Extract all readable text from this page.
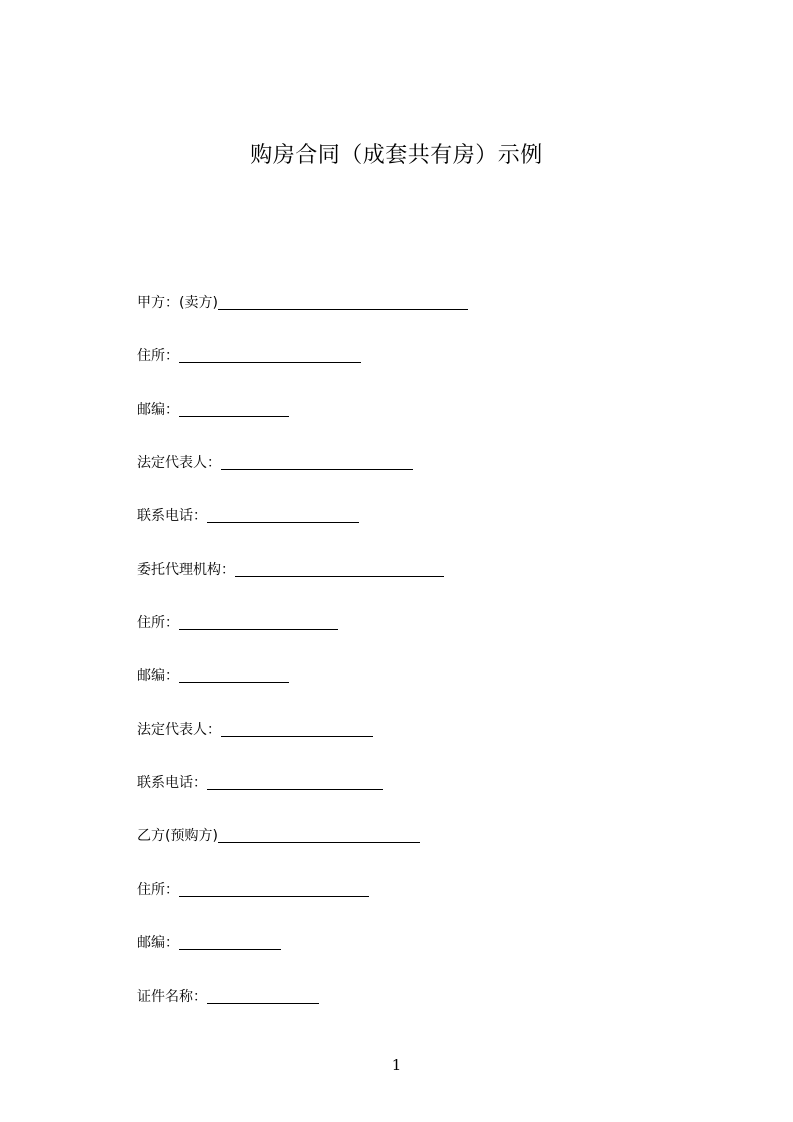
购房合同（成套共有房）示例
甲方：(卖方)
住所：
邮编：
法定代表人：
联系电话：
委托代理机构：
住所：
邮编：
法定代表人：
联系电话：
乙方(预购方)
住所：
邮编：
证件名称：
1
